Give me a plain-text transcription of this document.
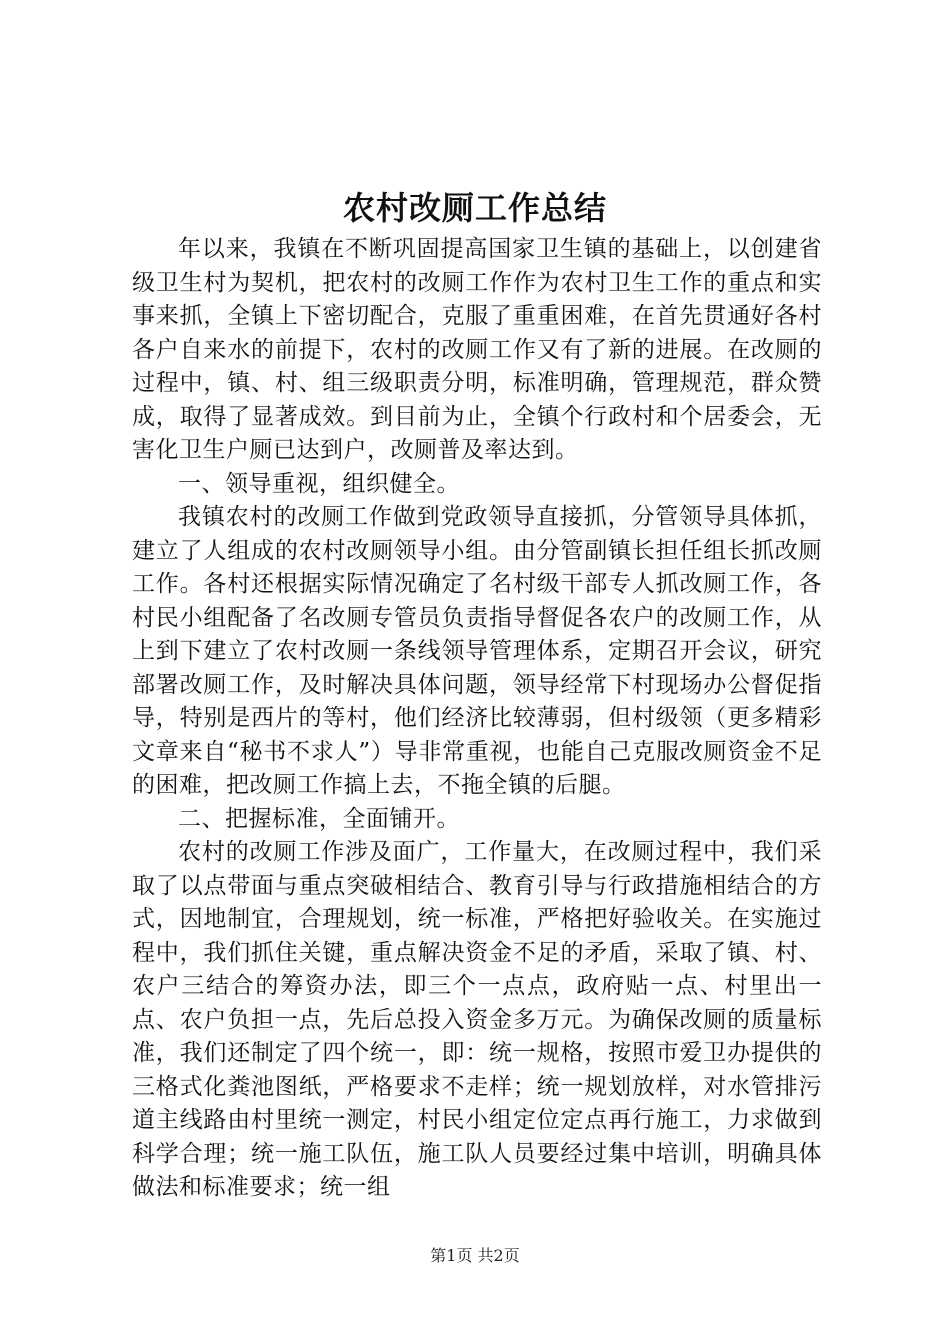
农村改厕工作总结

年以来，我镇在不断巩固提高国家卫生镇的基础上，以创建省级卫生村为契机，把农村的改厕工作作为农村卫生工作的重点和实事来抓，全镇上下密切配合，克服了重重困难，在首先贯通好各村各户自来水的前提下，农村的改厕工作又有了新的进展。在改厕的过程中，镇、村、组三级职责分明，标准明确，管理规范，群众赞成，取得了显著成效。到目前为止，全镇个行政村和个居委会，无害化卫生户厕已达到户，改厕普及率达到。

一、领导重视，组织健全。

我镇农村的改厕工作做到党政领导直接抓，分管领导具体抓，建立了人组成的农村改厕领导小组。由分管副镇长担任组长抓改厕工作。各村还根据实际情况确定了名村级干部专人抓改厕工作，各村民小组配备了名改厕专管员负责指导督促各农户的改厕工作，从上到下建立了农村改厕一条线领导管理体系，定期召开会议，研究部署改厕工作，及时解决具体问题，领导经常下村现场办公督促指导，特别是西片的等村，他们经济比较薄弱，但村级领（更多精彩文章来自“秘书不求人”）导非常重视，也能自己克服改厕资金不足的困难，把改厕工作搞上去，不拖全镇的后腿。

二、把握标准，全面铺开。

农村的改厕工作涉及面广，工作量大，在改厕过程中，我们采取了以点带面与重点突破相结合、教育引导与行政措施相结合的方式，因地制宜，合理规划，统一标准，严格把好验收关。在实施过程中，我们抓住关键，重点解决资金不足的矛盾，采取了镇、村、农户三结合的筹资办法，即三个一点点，政府贴一点、村里出一点、农户负担一点，先后总投入资金多万元。为确保改厕的质量标准，我们还制定了四个统一，即：统一规格，按照市爱卫办提供的三格式化粪池图纸，严格要求不走样；统一规划放样，对水管排污道主线路由村里统一测定，村民小组定位定点再行施工，力求做到科学合理；统一施工队伍，施工队人员要经过集中培训，明确具体做法和标准要求；统一组

第1页 共2页
